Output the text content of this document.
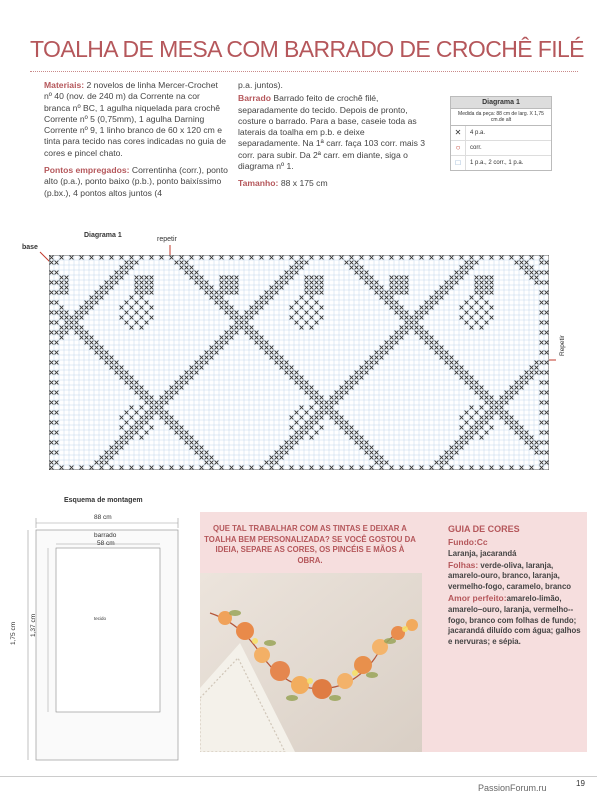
TOALHA DE MESA COM BARRADO DE CROCHÊ FILÉ

Materiais: 2 novelos de linha Mercer-Crochet nº 40 (nov. de 240 m) da Corrente na cor branca nº BC, 1 agulha niquelada para crochê Corrente nº 5 (0,75mm), 1 agulha Darning Corrente nº 9, 1 linho branco de 60 x 120 cm e tinta para tecido nas cores indicadas no guia de cores e pincel chato.

Pontos empregados: Correntinha (corr.), ponto alto (p.a.), ponto baixo (p.b.), ponto baixíssimo (p.bx.), 4 pontos altos juntos (4

p.a. juntos).

Barrado Barrado feito de crochê filé, separadamente do tecido. Depois de pronto, costure o barrado. Para a base, caseie toda as laterais da toalha em p.b. e deixe separadamente. Na 1ª carr. faça 103 corr. mais 3 corr. para subir. Da 2ª carr. em diante, siga o diagrama nº 1.

Tamanho: 88 x 175 cm

Diagrama 1
Medida da peça: 88 cm de larg. X 1,75 cm.de alt
✕	4 p.a.
○	corr.
□	1 p.a., 2 corr., 1 p.a.
Diagrama 1
repetir
base
Repetir
Esquema de montagem
88 cm
barrado
58 cm
tecido
1,75 cm 1,37 cm
QUE TAL TRABALHAR COM AS TINTAS E DEIXAR A TOALHA BEM PERSONALIZADA? SE VOCÊ GOSTOU DA IDEIA, SEPARE AS CORES, OS PINCÉIS E MÃOS À OBRA.
GUIA DE CORES
Fundo:Cc
Laranja, jacarandá
Folhas: verde-oliva, laranja, amarelo-ouro, branco, laranja, vermelho-fogo, caramelo, branco
Amor perfeito:amarelo-limão, amarelo–ouro, laranja, vermelho--fogo, branco com folhas de fundo; jacarandá diluído com água; galhos e nervuras; e sépia.
PassionForum.ru	19
